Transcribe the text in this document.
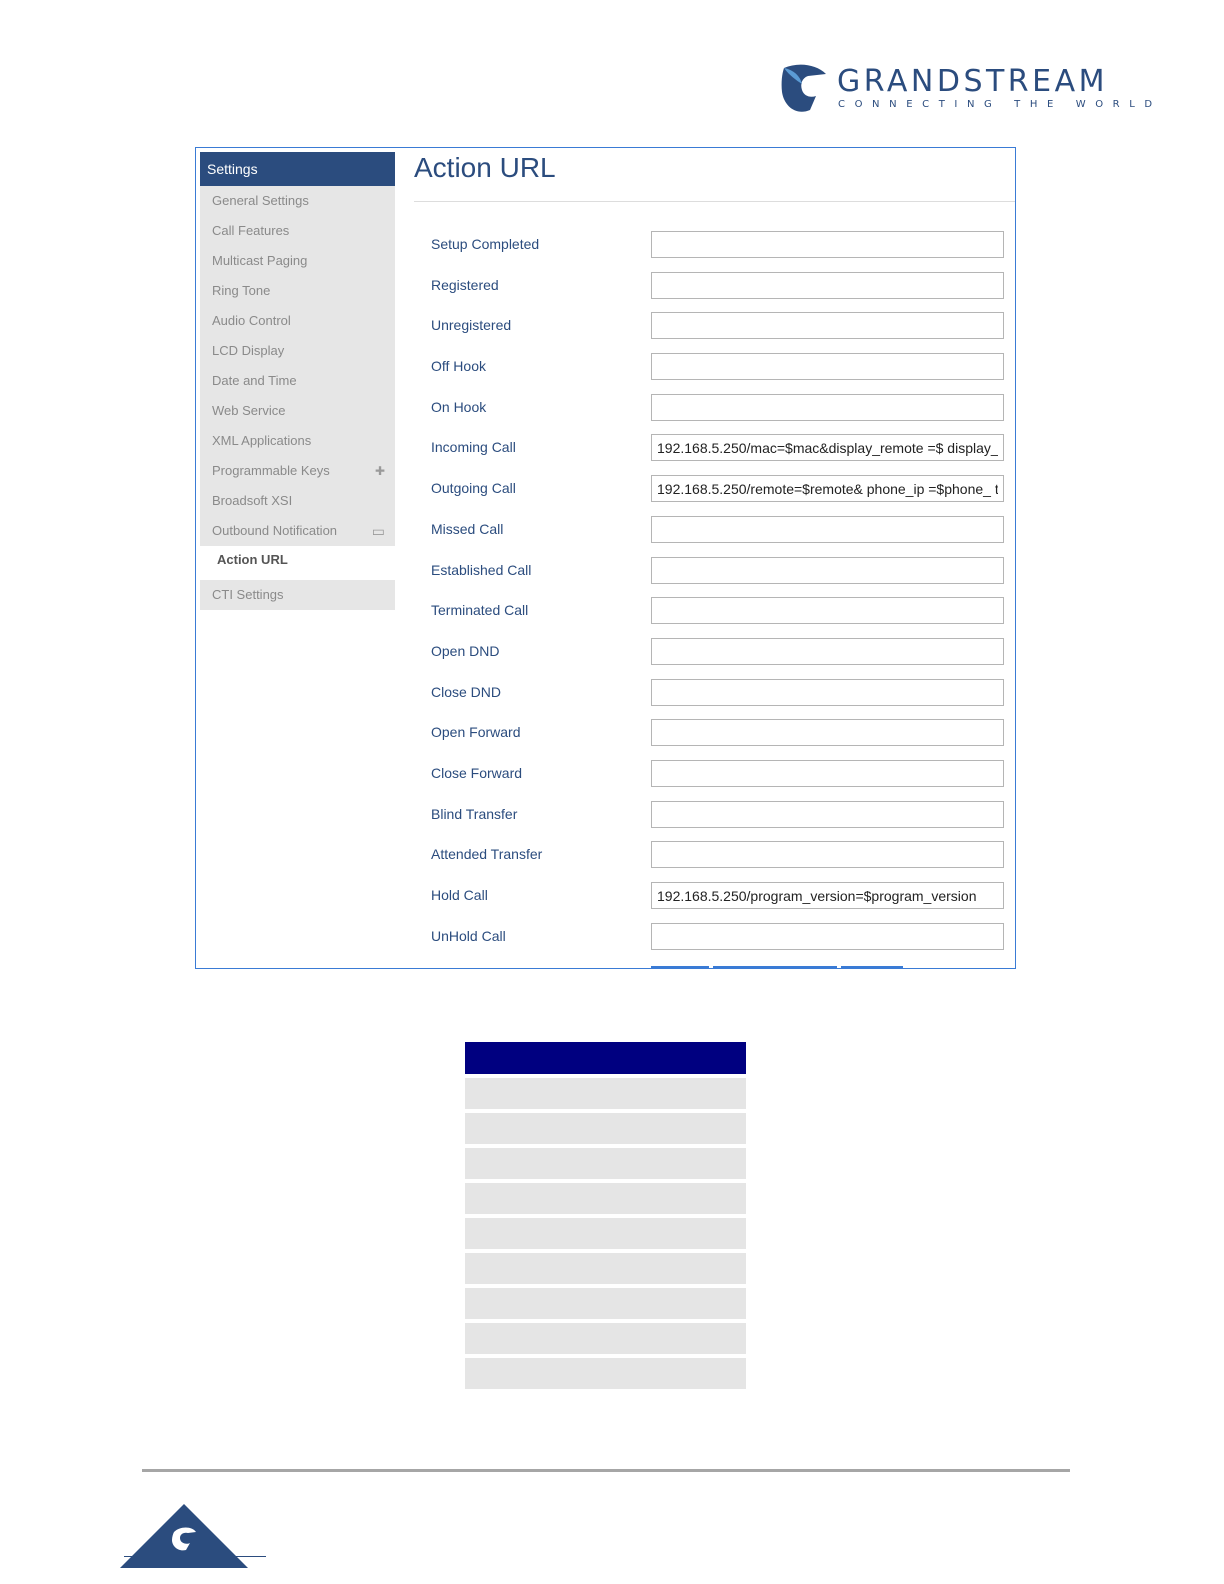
GRANDSTREAM
CONNECTING THE WORLD
Settings
General Settings
Call Features
Multicast Paging
Ring Tone
Audio Control
LCD Display
Date and Time
Web Service
XML Applications
Programmable Keys	✚
Broadsoft XSI
Outbound Notification ▭
Action URL
CTI Settings
Action URL
Setup Completed
Registered
Unregistered
Off Hook
On Hook
Incoming Call
192.168.5.250/mac=$mac&display_remote =$ display_te
Outgoing Call
192.168.5.250/remote=$remote& phone_ip =$phone_ te
Missed Call
Established Call
Terminated Call
Open DND
Close DND
Open Forward
Close Forward
Blind Transfer
Attended Transfer
Hold Call
192.168.5.250/program_version=$program_version
UnHold Call
